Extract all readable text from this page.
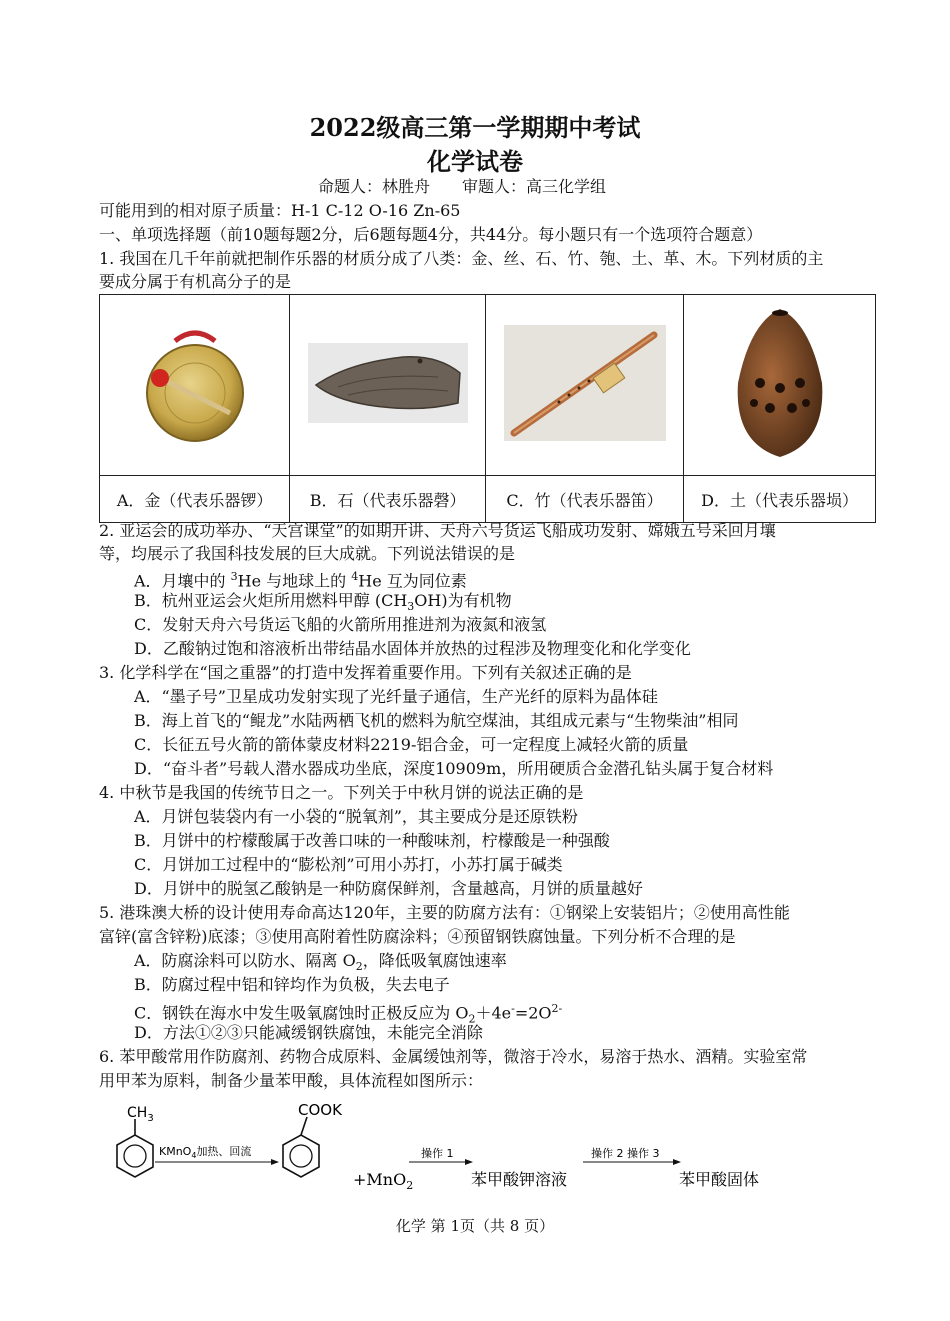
2022级高三第一学期期中考试
化学试卷
命题人：林胜舟　　审题人：高三化学组
可能用到的相对原子质量：H-1 C-12 O-16 Zn-65
一、单项选择题（前10题每题2分，后6题每题4分，共44分。每小题只有一个选项符合题意）
1. 我国在几千年前就把制作乐器的材质分成了八类：金、丝、石、竹、匏、土、革、木。下列材质的主
要成分属于有机高分子的是

A．金（代表乐器锣）	B．石（代表乐器磬）	C．竹（代表乐器笛）	D．土（代表乐器埙）
2. 亚运会的成功举办、“天宫课堂”的如期开讲、天舟六号货运飞船成功发射、嫦娥五号采回月壤
等，均展示了我国科技发展的巨大成就。下列说法错误的是
A．月壤中的 $^3$He 与地球上的 $^4$He 互为同位素
B．杭州亚运会火炬所用燃料甲醇 $(CH_3OH)$为有机物
C．发射天舟六号货运飞船的火箭所用推进剂为液氮和液氢
D．乙酸钠过饱和溶液析出带结晶水固体并放热的过程涉及物理变化和化学变化
3. 化学科学在“国之重器”的打造中发挥着重要作用。下列有关叙述正确的是
A．“墨子号”卫星成功发射实现了光纤量子通信，生产光纤的原料为晶体硅
B．海上首飞的“鲲龙”水陆两栖飞机的燃料为航空煤油，其组成元素与“生物柴油”相同
C．长征五号火箭的箭体蒙皮材料2219-铝合金，可一定程度上减轻火箭的质量
D．“奋斗者”号载人潜水器成功坐底，深度10909m，所用硬质合金潜孔钻头属于复合材料
4. 中秋节是我国的传统节日之一。下列关于中秋月饼的说法正确的是
A．月饼包装袋内有一小袋的“脱氧剂”，其主要成分是还原铁粉
B．月饼中的柠檬酸属于改善口味的一种酸味剂，柠檬酸是一种强酸
C．月饼加工过程中的“膨松剂”可用小苏打，小苏打属于碱类
D．月饼中的脱氢乙酸钠是一种防腐保鲜剂，含量越高，月饼的质量越好
5. 港珠澳大桥的设计使用寿命高达120年，主要的防腐方法有：①钢梁上安装铝片；②使用高性能
富锌(富含锌粉)底漆；③使用高附着性防腐涂料；④预留钢铁腐蚀量。下列分析不合理的是
A．防腐涂料可以防水、隔离 $O_2$，降低吸氧腐蚀速率
B．防腐过程中铝和锌均作为负极，失去电子
C．钢铁在海水中发生吸氧腐蚀时正极反应为 $O_2+4e^-=2O^{2-}$
D．方法①②③只能减缓钢铁腐蚀，未能完全消除
6. 苯甲酸常用作防腐剂、药物合成原料、金属缓蚀剂等，微溶于冷水，易溶于热水、酒精。实验室常
用甲苯为原料，制备少量苯甲酸，具体流程如图所示：
$CH_3$
KMnO$_4$加热、回流
COOK
+MnO$_2$
操作 1
苯甲酸钾溶液
操作 2 操作 3
苯甲酸固体
化学 第 1页（共 8 页）
